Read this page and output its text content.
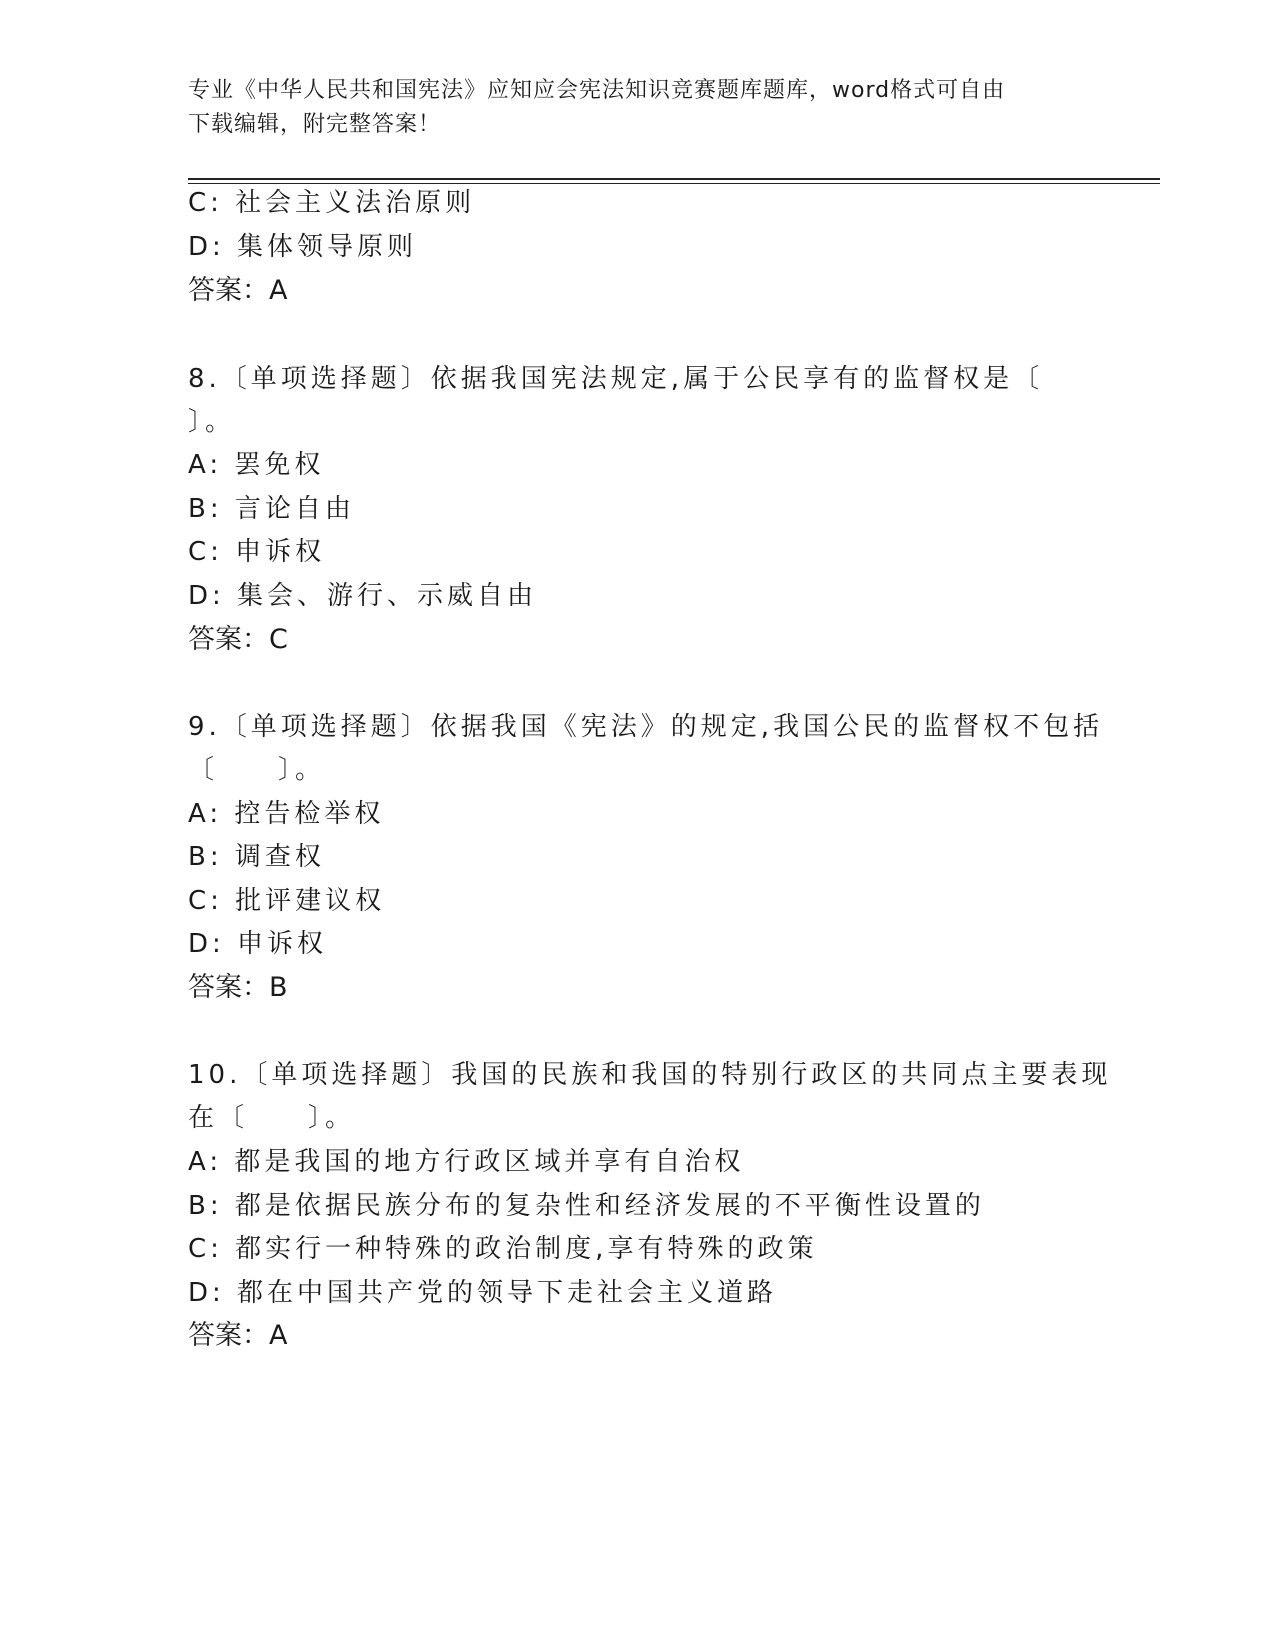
专业《中华人民共和国宪法》应知应会宪法知识竞赛题库题库，word格式可自由
下载编辑，附完整答案！
C: 社会主义法治原则
D: 集体领导原则
答案：A
8.〔单项选择题〕依据我国宪法规定,属于公民享有的监督权是〔
〕。
A: 罢免权
B: 言论自由
C: 申诉权
D: 集会、游行、示威自由
答案：C
9.〔单项选择题〕依据我国《宪法》的规定,我国公民的监督权不包括
〔　　〕。
A: 控告检举权
B: 调查权
C: 批评建议权
D: 申诉权
答案：B
10.〔单项选择题〕我国的民族和我国的特别行政区的共同点主要表现
在〔　　〕。
A: 都是我国的地方行政区域并享有自治权
B: 都是依据民族分布的复杂性和经济发展的不平衡性设置的
C: 都实行一种特殊的政治制度,享有特殊的政策
D: 都在中国共产党的领导下走社会主义道路
答案：A
